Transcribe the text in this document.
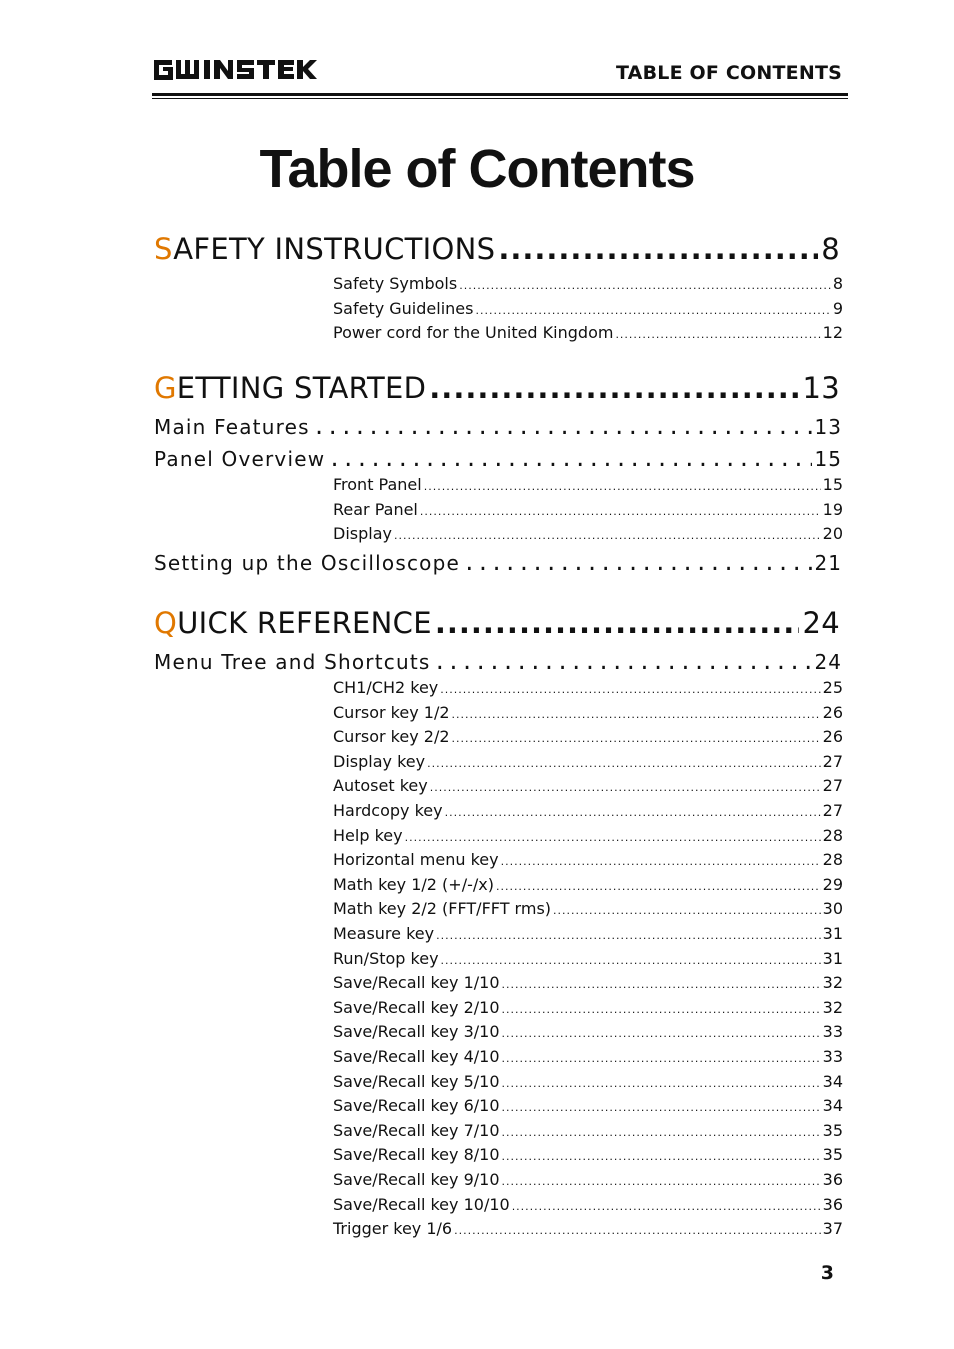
TABLE OF CONTENTS
Table of Contents
SAFETY INSTRUCTIONS .....	8
Safety Symbols .....	8
Safety Guidelines .....	9
Power cord for the United Kingdom .....	12
GETTING STARTED .....	13
Main Features .....	13
Panel Overview .....	15
Front Panel .....	15
Rear Panel .....	19
Display .....	20
Setting up the Oscilloscope .....	21
QUICK REFERENCE .....	24
Menu Tree and Shortcuts .....	24
CH1/CH2 key .....	25
Cursor key 1/2 .....	26
Cursor key 2/2 .....	26
Display key .....	27
Autoset key .....	27
Hardcopy key .....	27
Help key .....	28
Horizontal menu key .....	28
Math key 1/2 (+/-/x) .....	29
Math key 2/2 (FFT/FFT rms) .....	30
Measure key .....	31
Run/Stop key .....	31
Save/Recall key 1/10 .....	32
Save/Recall key 2/10 .....	32
Save/Recall key 3/10 .....	33
Save/Recall key 4/10 .....	33
Save/Recall key 5/10 .....	34
Save/Recall key 6/10 .....	34
Save/Recall key 7/10 .....	35
Save/Recall key 8/10 .....	35
Save/Recall key 9/10 .....	36
Save/Recall key 10/10 .....	36
Trigger key 1/6 .....	37
3
